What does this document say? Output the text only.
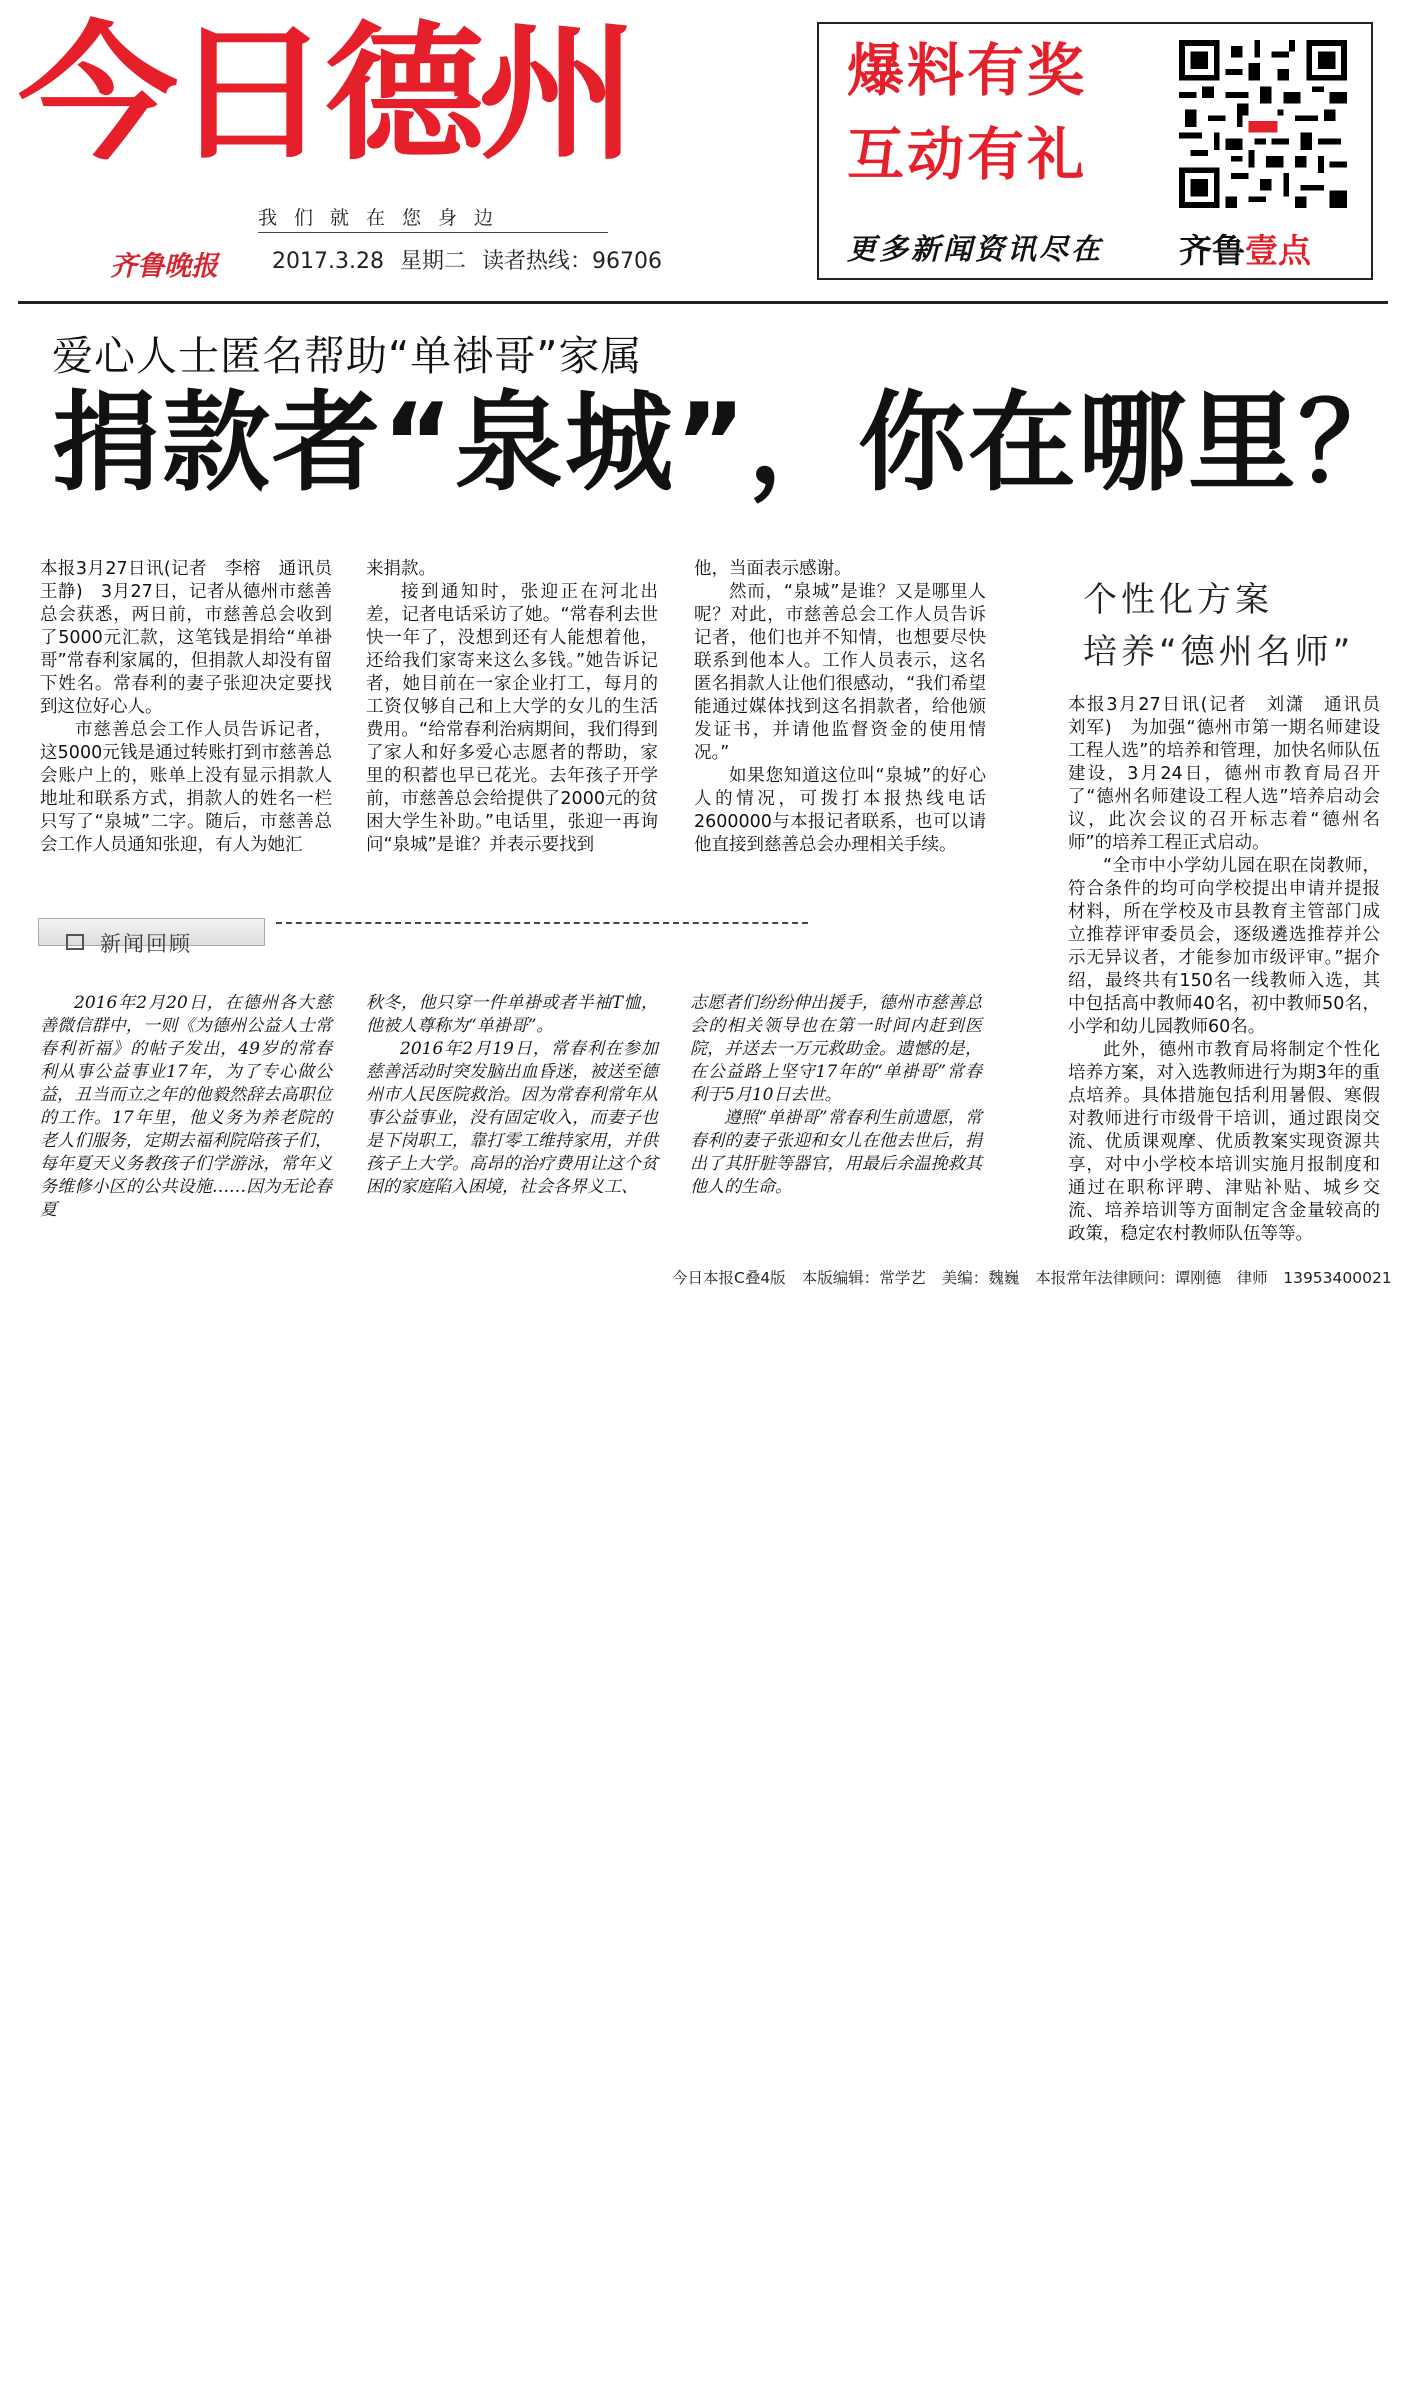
今日德州
我们就在您身边
齐鲁晚报 2017.3.28 星期二 读者热线：96706
爆料有奖
互动有礼
更多新闻资讯尽在 齐鲁壹点
爱心人士匿名帮助“单褂哥”家属
捐款者“泉城”，你在哪里？

本报3月27日讯(记者　李榕　通讯员　王静)　3月27日，记者从德州市慈善总会获悉，两日前，市慈善总会收到了5000元汇款，这笔钱是捐给“单褂哥”常春利家属的，但捐款人却没有留下姓名。常春利的妻子张迎决定要找到这位好心人。

市慈善总会工作人员告诉记者，这5000元钱是通过转账打到市慈善总会账户上的，账单上没有显示捐款人地址和联系方式，捐款人的姓名一栏只写了“泉城”二字。随后，市慈善总会工作人员通知张迎，有人为她汇

来捐款。

接到通知时，张迎正在河北出差，记者电话采访了她。“常春利去世快一年了，没想到还有人能想着他，还给我们家寄来这么多钱。”她告诉记者，她目前在一家企业打工，每月的工资仅够自己和上大学的女儿的生活费用。“给常春利治病期间，我们得到了家人和好多爱心志愿者的帮助，家里的积蓄也早已花光。去年孩子开学前，市慈善总会给提供了2000元的贫困大学生补助。”电话里，张迎一再询问“泉城”是谁？并表示要找到

他，当面表示感谢。

然而，“泉城”是谁？又是哪里人呢？对此，市慈善总会工作人员告诉记者，他们也并不知情，也想要尽快联系到他本人。工作人员表示，这名匿名捐款人让他们很感动，“我们希望能通过媒体找到这名捐款者，给他颁发证书，并请他监督资金的使用情况。”

如果您知道这位叫“泉城”的好心人的情况，可拨打本报热线电话2600000与本报记者联系，也可以请他直接到慈善总会办理相关手续。

个性化方案
培养“德州名师”

本报3月27日讯(记者　刘潇　通讯员　刘军)　为加强“德州市第一期名师建设工程人选”的培养和管理，加快名师队伍建设，3月24日，德州市教育局召开了“德州名师建设工程人选”培养启动会议，此次会议的召开标志着“德州名师”的培养工程正式启动。

“全市中小学幼儿园在职在岗教师，符合条件的均可向学校提出申请并提报材料，所在学校及市县教育主管部门成立推荐评审委员会，逐级遴选推荐并公示无异议者，才能参加市级评审。”据介绍，最终共有150名一线教师入选，其中包括高中教师40名，初中教师50名，小学和幼儿园教师60名。

此外，德州市教育局将制定个性化培养方案，对入选教师进行为期3年的重点培养。具体措施包括利用暑假、寒假对教师进行市级骨干培训，通过跟岗交流、优质课观摩、优质教案实现资源共享，对中小学校本培训实施月报制度和通过在职称评聘、津贴补贴、城乡交流、培养培训等方面制定含金量较高的政策，稳定农村教师队伍等等。

新闻回顾

2016年2月20日，在德州各大慈善微信群中，一则《为德州公益人士常春利祈福》的帖子发出，49岁的常春利从事公益事业17年，为了专心做公益，丑当而立之年的他毅然辞去高职位的工作。17年里，他义务为养老院的老人们服务，定期去福利院陪孩子们，每年夏天义务教孩子们学游泳，常年义务维修小区的公共设施……因为无论春夏

秋冬，他只穿一件单褂或者半袖T恤，他被人尊称为“单褂哥”。

2016年2月19日，常春利在参加慈善活动时突发脑出血昏迷，被送至德州市人民医院救治。因为常春利常年从事公益事业，没有固定收入，而妻子也是下岗职工，靠打零工维持家用，并供孩子上大学。高昂的治疗费用让这个贫困的家庭陷入困境，社会各界义工、

志愿者们纷纷伸出援手，德州市慈善总会的相关领导也在第一时间内赶到医院，并送去一万元救助金。遗憾的是，在公益路上坚守17年的“单褂哥”常春利于5月10日去世。

遵照“单褂哥”常春利生前遗愿，常春利的妻子张迎和女儿在他去世后，捐出了其肝脏等器官，用最后余温挽救其他人的生命。

今日本报C叠4版 本版编辑：常学艺 美编：魏巍 本报常年法律顾问：谭刚德　律师　13953400021
